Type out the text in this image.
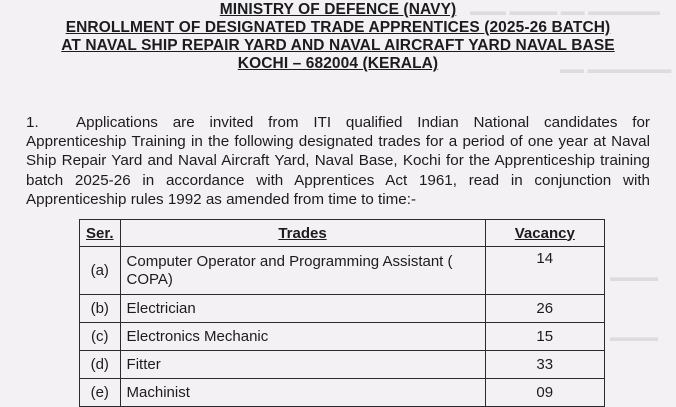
▬▬▬ ▬▬▬▬ ▬▬ ▬▬▬▬▬▬
▬▬ ▬▬▬▬▬▬▬
▬▬▬▬
▬▬▬▬
MINISTRY OF DEFENCE (NAVY)
ENROLLMENT OF DESIGNATED TRADE APPRENTICES (2025-26 BATCH)
AT NAVAL SHIP REPAIR YARD AND NAVAL AIRCRAFT YARD NAVAL BASE
KOCHI – 682004 (KERALA)
1. Applications are invited from ITI qualified Indian National candidates for Apprenticeship Training in the following designated trades for a period of one year at Naval Ship Repair Yard and Naval Aircraft Yard, Naval Base, Kochi for the Apprenticeship training batch 2025-26 in accordance with Apprentices Act 1961, read in conjunction with Apprenticeship rules 1992 as amended from time to time:-
Ser.	Trades	Vacancy
(a)	Computer Operator and Programming Assistant ( COPA)	14
(b)	Electrician	26
(c)	Electronics Mechanic	15
(d)	Fitter	33
(e)	Machinist	09
